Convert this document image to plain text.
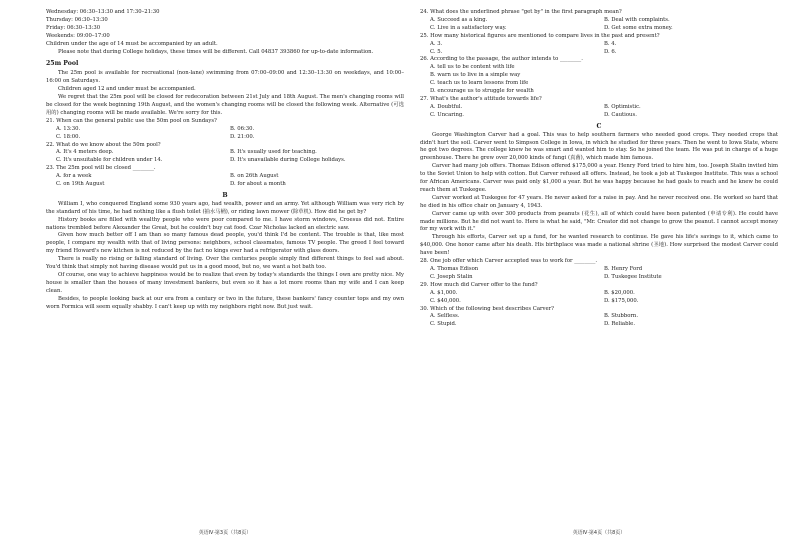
Wednesday: 06:30–13:30 and 17:30–21:30
Thursday: 06:30–13:30
Friday: 06:30–13:30
Weekends: 09:00–17:00
Children under the age of 14 must be accompanied by an adult.

Please note that during College holidays, these times will be different. Call 04837 393860 for up-to-date information.

25m Pool

The 25m pool is available for recreational (non-lane) swimming from 07:00–09:00 and 12:30–13:30 on weekdays, and 10:00–16:00 on Saturdays.

Children aged 12 and under must be accompanied.

We regret that the 25m pool will be closed for redecoration between 21st July and 18th August. The men's changing rooms will be closed for the week beginning 19th August, and the women's changing rooms will be closed the following week. Alternative (可选用的) changing rooms will be made available. We're sorry for this.

21. When can the general public use the 50m pool on Sundays?
A. 13:30.	B. 06:30.
C. 18:00.	D. 21:00.
22. What do we know about the 50m pool?
A. It's 4 meters deep.	B. It's usually used for teaching.
C. It's unsuitable for children under 14.	D. It's unavailable during College holidays.
23. The 25m pool will be closed ________.
A. for a week	B. on 26th August
C. on 19th August	D. for about a month
B

William Ⅰ, who conquered England some 930 years ago, had wealth, power and an army. Yet although William was very rich by the standard of his time, he had nothing like a flush toilet (抽水马桶), or riding lawn mower (除草机). How did he get by?

History books are filled with wealthy people who were poor compared to me. I have storm windows, Croesus did not. Entire nations trembled before Alexander the Great, but he couldn't buy cat food. Czar Nicholas lacked an electric saw.

Given how much better off I am than so many famous dead people, you'd think I'd be content. The trouble is that, like most people, I compare my wealth with that of living persons: neighbors, school classmates, famous TV people. The greed I feel toward my friend Howard's new kitchen is not reduced by the fact no kings ever had a refrigerator with glass doors.

There is really no rising or falling standard of living. Over the centuries people simply find different things to feel sad about. You'd think that simply not having disease would put us in a good mood, but no, we want a hot bath too.

Of course, one way to achieve happiness would be to realize that even by today's standards the things I own are pretty nice. My house is smaller than the houses of many investment bankers, but even so it has a lot more rooms than my wife and I can keep clean.

Besides, to people looking back at our era from a century or two in the future, these bankers' fancy counter tops and my own worn Formica will seem equally shabby. I can't keep up with my neighbors right now. But just wait.

24. What does the underlined phrase "get by" in the first paragraph mean?
A. Succeed as a king.	B. Deal with complaints.
C. Live in a satisfactory way.	D. Get some extra money.
25. How many historical figures are mentioned to compare lives in the past and present?
A. 3.	B. 4.
C. 5.	D. 6.
26. According to the passage, the author intends to ________.
A. tell us to be content with life
B. warn us to live in a simple way
C. teach us to learn lessons from life
D. encourage us to struggle for wealth
27. What's the author's attitude towards life?
A. Doubtful.	B. Optimistic.
C. Uncaring.	D. Cautious.
C

George Washington Carver had a goal. This was to help southern farmers who needed good crops. They needed crops that didn't hurt the soil. Carver went to Simpson College in Iowa, in which he studied for three years. Then he went to Iowa State, where he got two degrees. The college knew he was smart and wanted him to stay. So he joined the team. He was put in charge of a huge greenhouse. There he grew over 20,000 kinds of fungi (真菌), which made him famous.

Carver had many job offers. Thomas Edison offered $175,000 a year. Henry Ford tried to hire him, too. Joseph Stalin invited him to the Soviet Union to help with cotton. But Carver refused all offers. Instead, he took a job at Tuskegee Institute. This was a school for African Americans. Carver was paid only $1,000 a year. But he was happy because he had goals to reach and he knew he could reach them at Tuskegee.

Carver worked at Tuskegee for 47 years. He never asked for a raise in pay. And he never received one. He worked so hard that he died in his office chair on January 4, 1943.

Carver came up with over 300 products from peanuts (花生), all of which could have been patented (申请专利). He could have made millions. But he did not want to. Here is what he said, "Mr. Creator did not change to grow the peanut. I cannot accept money for my work with it."

Through his efforts, Carver set up a fund, for he wanted research to continue. He gave his life's savings to it, which came to $40,000. One honor came after his death. His birthplace was made a national shrine (圣地). How surprised the modest Carver could have been!

28. One job offer which Carver accepted was to work for ________.
A. Thomas Edison	B. Henry Ford
C. Joseph Stalin	D. Tuskegee Institute
29. How much did Carver offer to the fund?
A. $1,000.	B. $20,000.
C. $40,000.	D. $175,000.
30. Which of the following best describes Carver?
A. Selfless.	B. Stubborn.
C. Stupid.	D. Reliable.
英语Ⅳ·第3页（共8页）	英语Ⅳ·第4页（共8页）
